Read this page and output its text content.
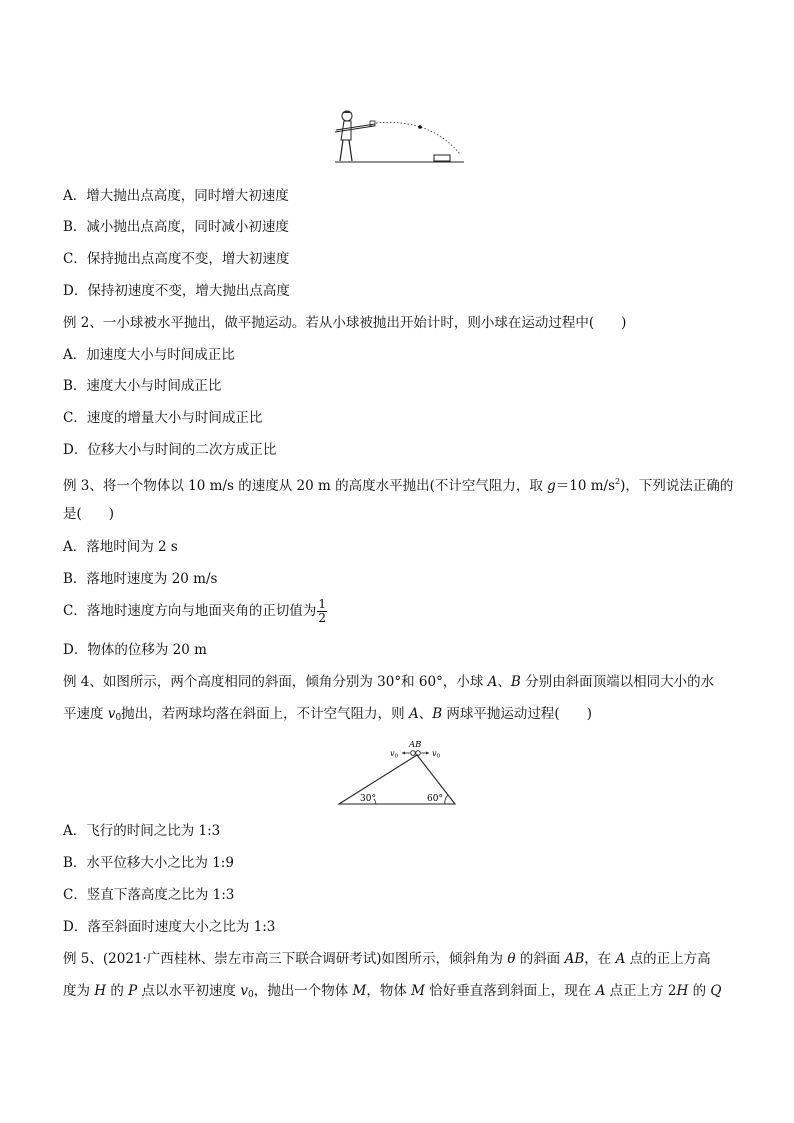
A．增大抛出点高度，同时增大初速度
B．减小抛出点高度，同时减小初速度
C．保持抛出点高度不变，增大初速度
D．保持初速度不变，增大抛出点高度
例 2、一小球被水平抛出，做平抛运动。若从小球被抛出开始计时，则小球在运动过程中(　　)
A．加速度大小与时间成正比
B．速度大小与时间成正比
C．速度的增量大小与时间成正比
D．位移大小与时间的二次方成正比
例 3、将一个物体以 10 m/s 的速度从 20 m 的高度水平抛出(不计空气阻力，取 g＝10 $m/s^2$)，下列说法正确的
是(　　)
A．落地时间为 2 s
B．落地时速度为 20 m/s
C．落地时速度方向与地面夹角的正切值为 $\frac{1}{2}$
D．物体的位移为 20 m
例 4、如图所示，两个高度相同的斜面，倾角分别为 30°和 60°，小球 A、B 分别由斜面顶端以相同大小的水
平速度 $v_0$抛出，若两球均落在斜面上，不计空气阻力，则 A、B 两球平抛运动过程(　　)
AB
v0	v0
30°	60°
A．飞行的时间之比为 1:3
B．水平位移大小之比为 1:9
C．竖直下落高度之比为 1:3
D．落至斜面时速度大小之比为 1:3
例 5、(2021·广西桂林、崇左市高三下联合调研考试)如图所示，倾斜角为 θ 的斜面 AB，在 A 点的正上方高
度为 H 的 P 点以水平初速度 $v_0$，抛出一个物体 M，物体 M 恰好垂直落到斜面上，现在 A 点正上方 2H 的 Q
